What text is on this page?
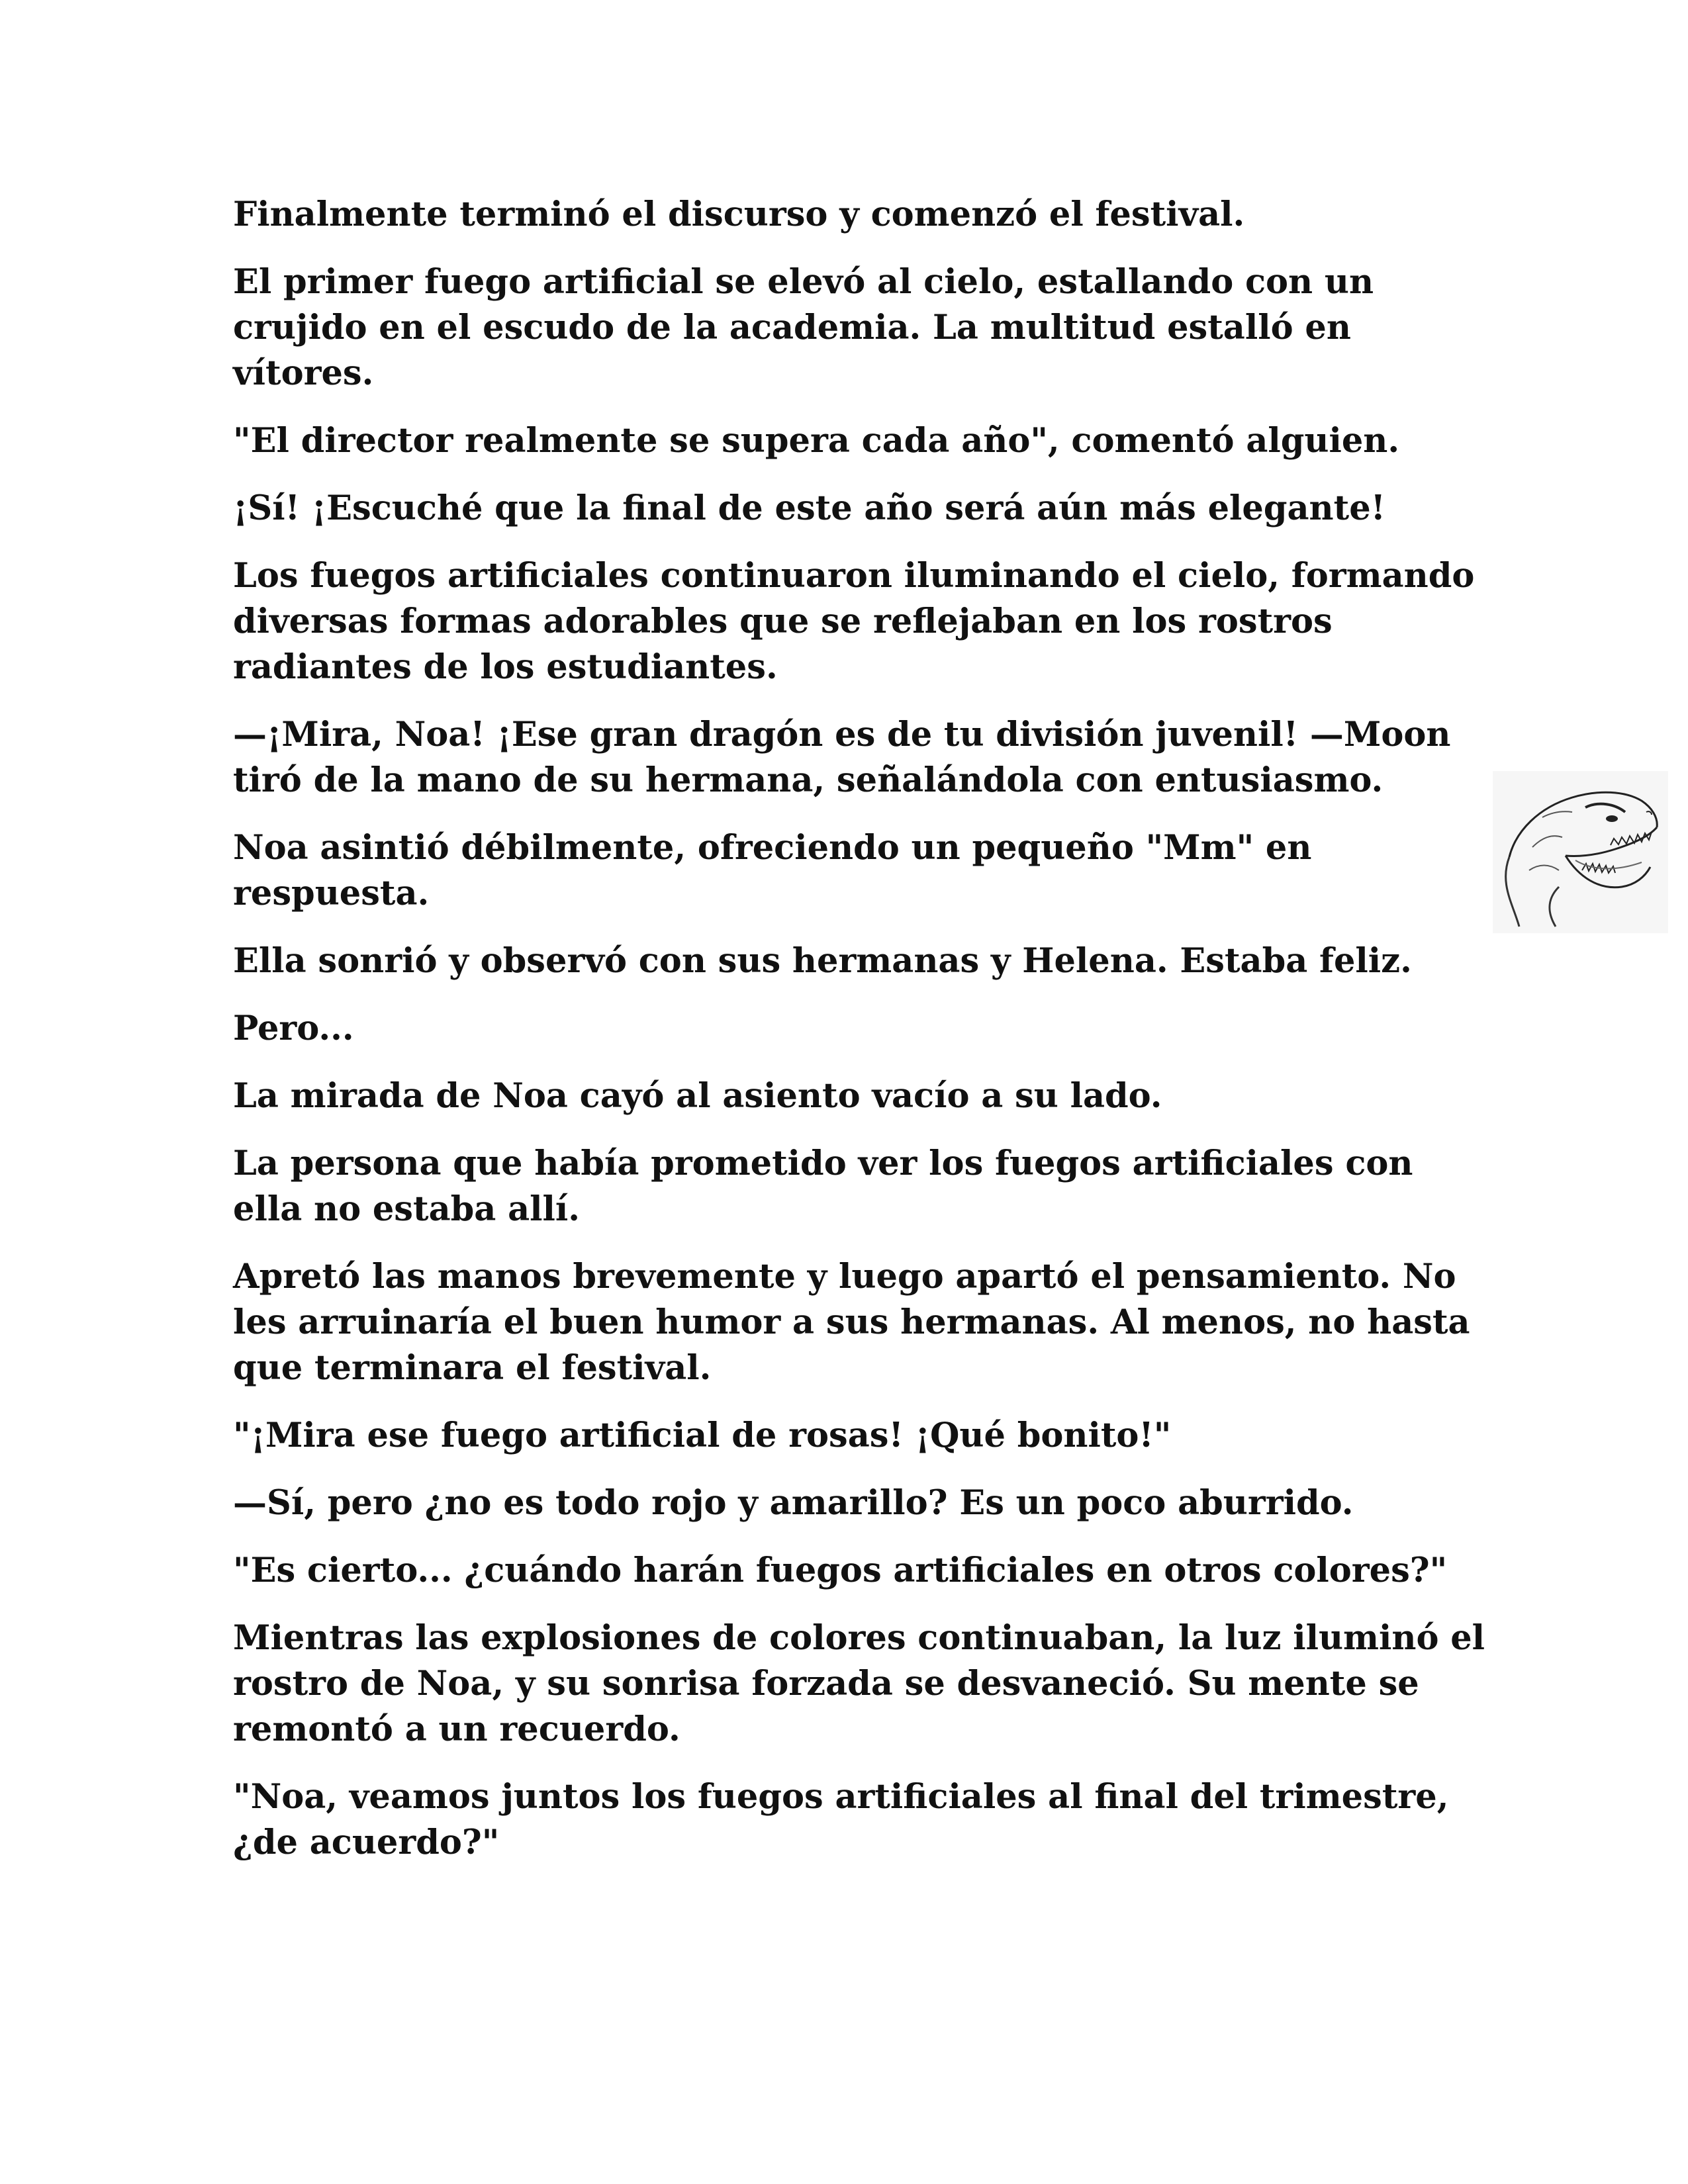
Finalmente terminó el discurso y comenzó el festival.

El primer fuego artificial se elevó al cielo, estallando con un crujido en el escudo de la academia. La multitud estalló en vítores.

"El director realmente se supera cada año", comentó alguien.

¡Sí! ¡Escuché que la final de este año será aún más elegante!

Los fuegos artificiales continuaron iluminando el cielo, formando diversas formas adorables que se reflejaban en los rostros radiantes de los estudiantes.

—¡Mira, Noa! ¡Ese gran dragón es de tu división juvenil! —Moon tiró de la mano de su hermana, señalándola con entusiasmo.

Noa asintió débilmente, ofreciendo un pequeño "Mm" en respuesta.

Ella sonrió y observó con sus hermanas y Helena. Estaba feliz.

Pero...

La mirada de Noa cayó al asiento vacío a su lado.

La persona que había prometido ver los fuegos artificiales con ella no estaba allí.

Apretó las manos brevemente y luego apartó el pensamiento. No les arruinaría el buen humor a sus hermanas. Al menos, no hasta que terminara el festival.

"¡Mira ese fuego artificial de rosas! ¡Qué bonito!"

—Sí, pero ¿no es todo rojo y amarillo? Es un poco aburrido.

"Es cierto... ¿cuándo harán fuegos artificiales en otros colores?"

Mientras las explosiones de colores continuaban, la luz iluminó el rostro de Noa, y su sonrisa forzada se desvaneció. Su mente se remontó a un recuerdo.

"Noa, veamos juntos los fuegos artificiales al final del trimestre, ¿de acuerdo?"
